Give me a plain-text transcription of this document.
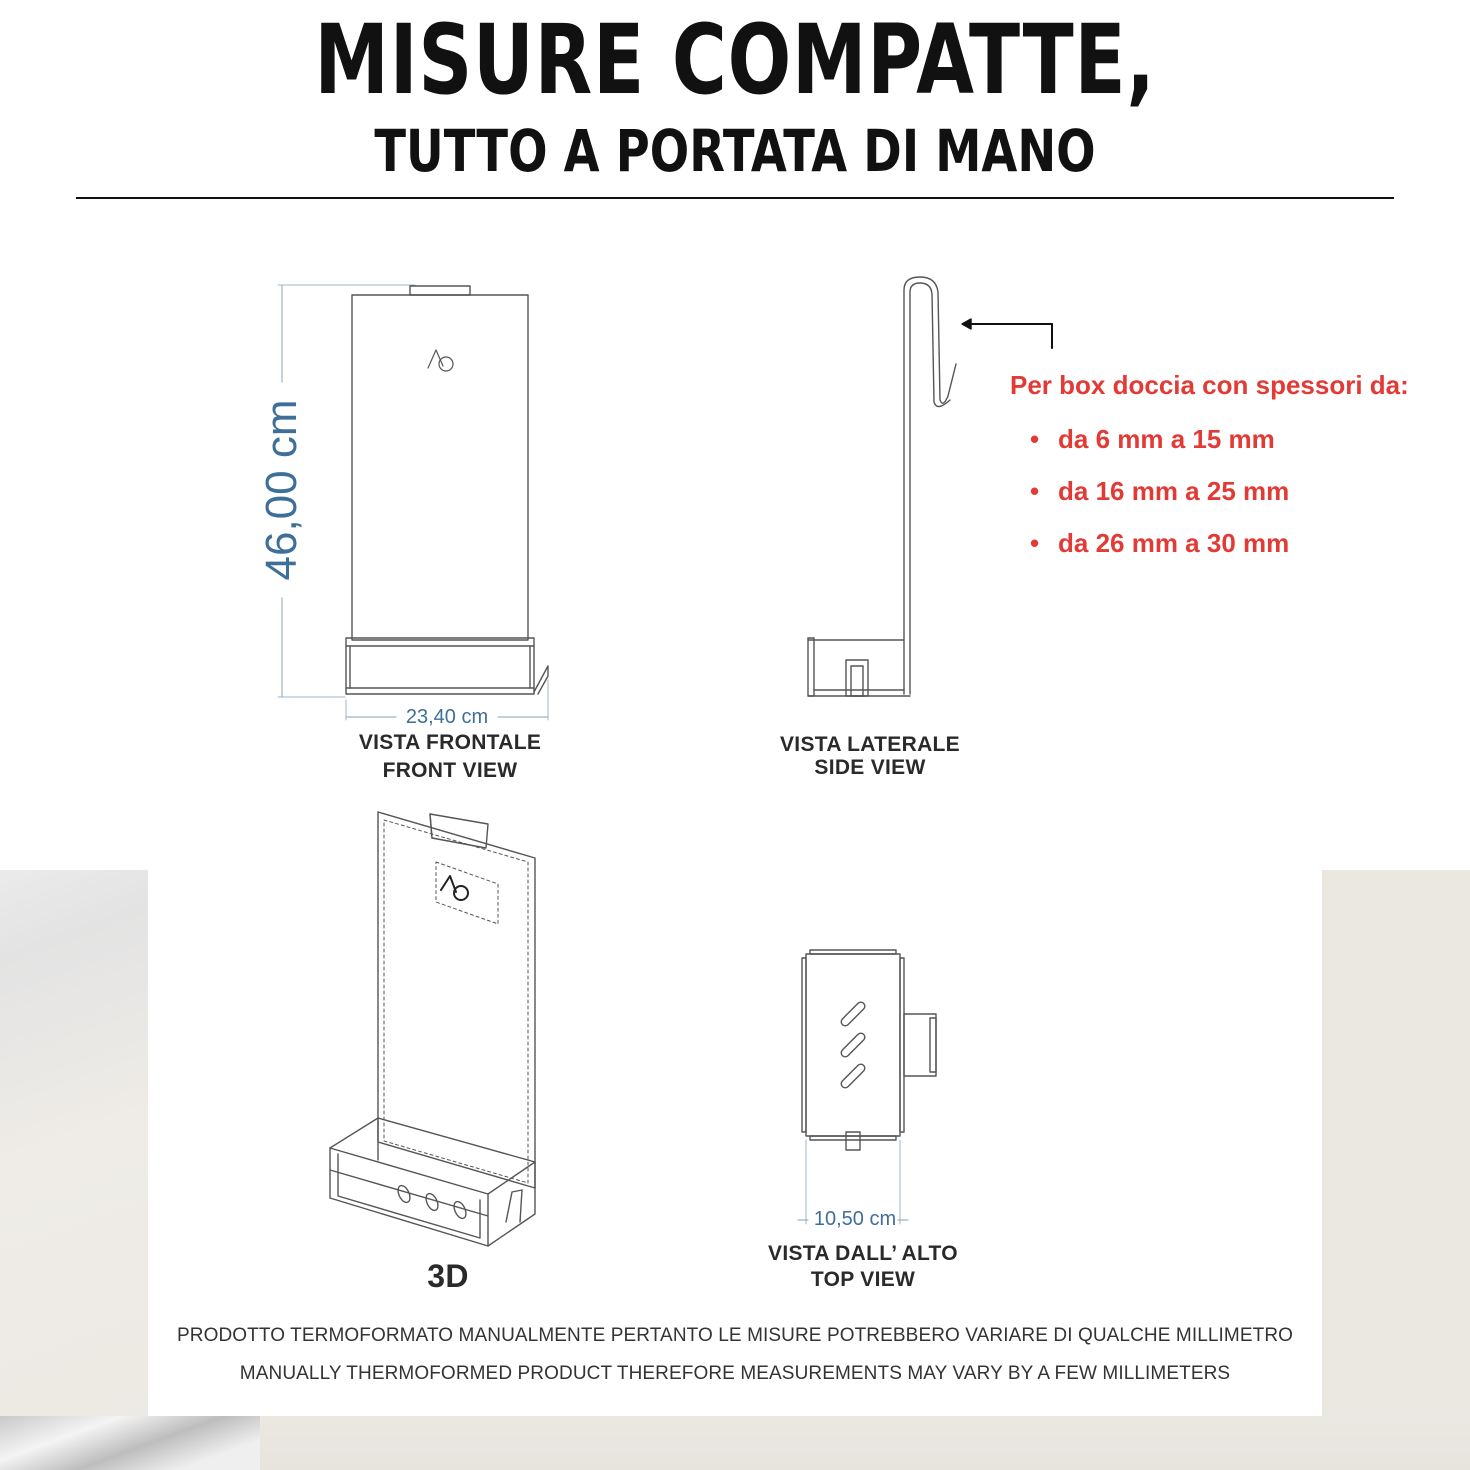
MISURE COMPATTE,
TUTTO A PORTATA DI MANO
46,00 cm
23,40 cm
VISTA FRONTALE
FRONT VIEW
VISTA LATERALE
SIDE VIEW
Per box doccia con spessori da:
• da 6 mm a 15 mm
• da 16 mm a 25 mm
• da 26 mm a 30 mm
3D
10,50 cm
VISTA DALL’ ALTO
TOP VIEW
PRODOTTO TERMOFORMATO MANUALMENTE PERTANTO LE MISURE POTREBBERO VARIARE DI QUALCHE MILLIMETRO
MANUALLY THERMOFORMED PRODUCT THEREFORE MEASUREMENTS MAY VARY BY A FEW MILLIMETERS
